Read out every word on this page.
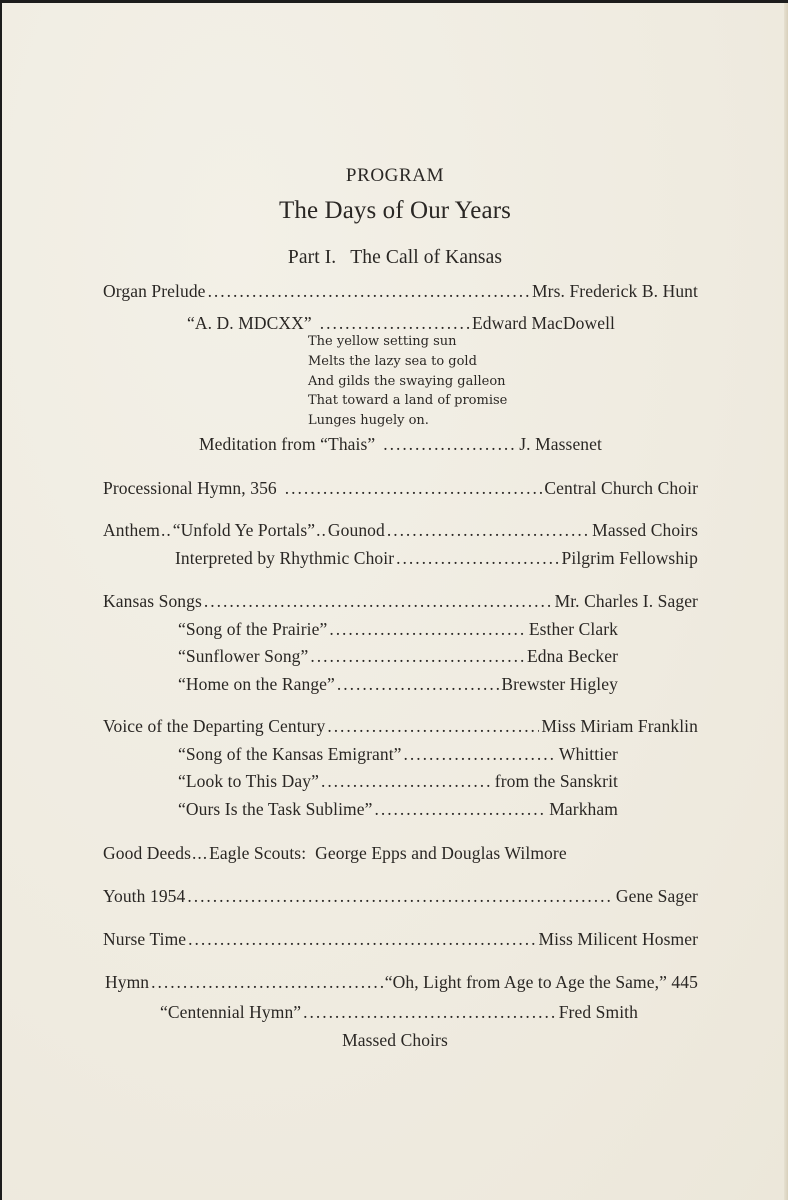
PROGRAM
The Days of Our Years
Part I. The Call of Kansas
Organ Prelude . . .	Mrs. Frederick B. Hunt
“A. D. MDCXX” . . .	Edward MacDowell
The yellow setting sun
Melts the lazy sea to gold
And gilds the swaying galleon
That toward a land of promise
Lunges hugely on.
Meditation from “Thais” . . .	J. Massenet
Processional Hymn, 356 . . .	Central Church Choir
Anthem .. “Unfold Ye Portals” .. Gounod . . .	Massed Choirs
Interpreted by Rhythmic Choir . . .	Pilgrim Fellowship
Kansas Songs . . .	Mr. Charles I. Sager
“Song of the Prairie” . . .	Esther Clark
“Sunflower Song” . . .	Edna Becker
“Home on the Range” . . .	Brewster Higley
Voice of the Departing Century . . .	Miss Miriam Franklin
“Song of the Kansas Emigrant” . . .	Whittier
“Look to This Day” . . .	from the Sanskrit
“Ours Is the Task Sublime” . . .	Markham
Good Deeds ... Eagle Scouts:  George Epps and Douglas Wilmore
Youth 1954 . . .	Gene Sager
Nurse Time . . .	Miss Milicent Hosmer
Hymn . . .	“Oh, Light from Age to Age the Same,” 445
“Centennial Hymn” . . .	Fred Smith
Massed Choirs
